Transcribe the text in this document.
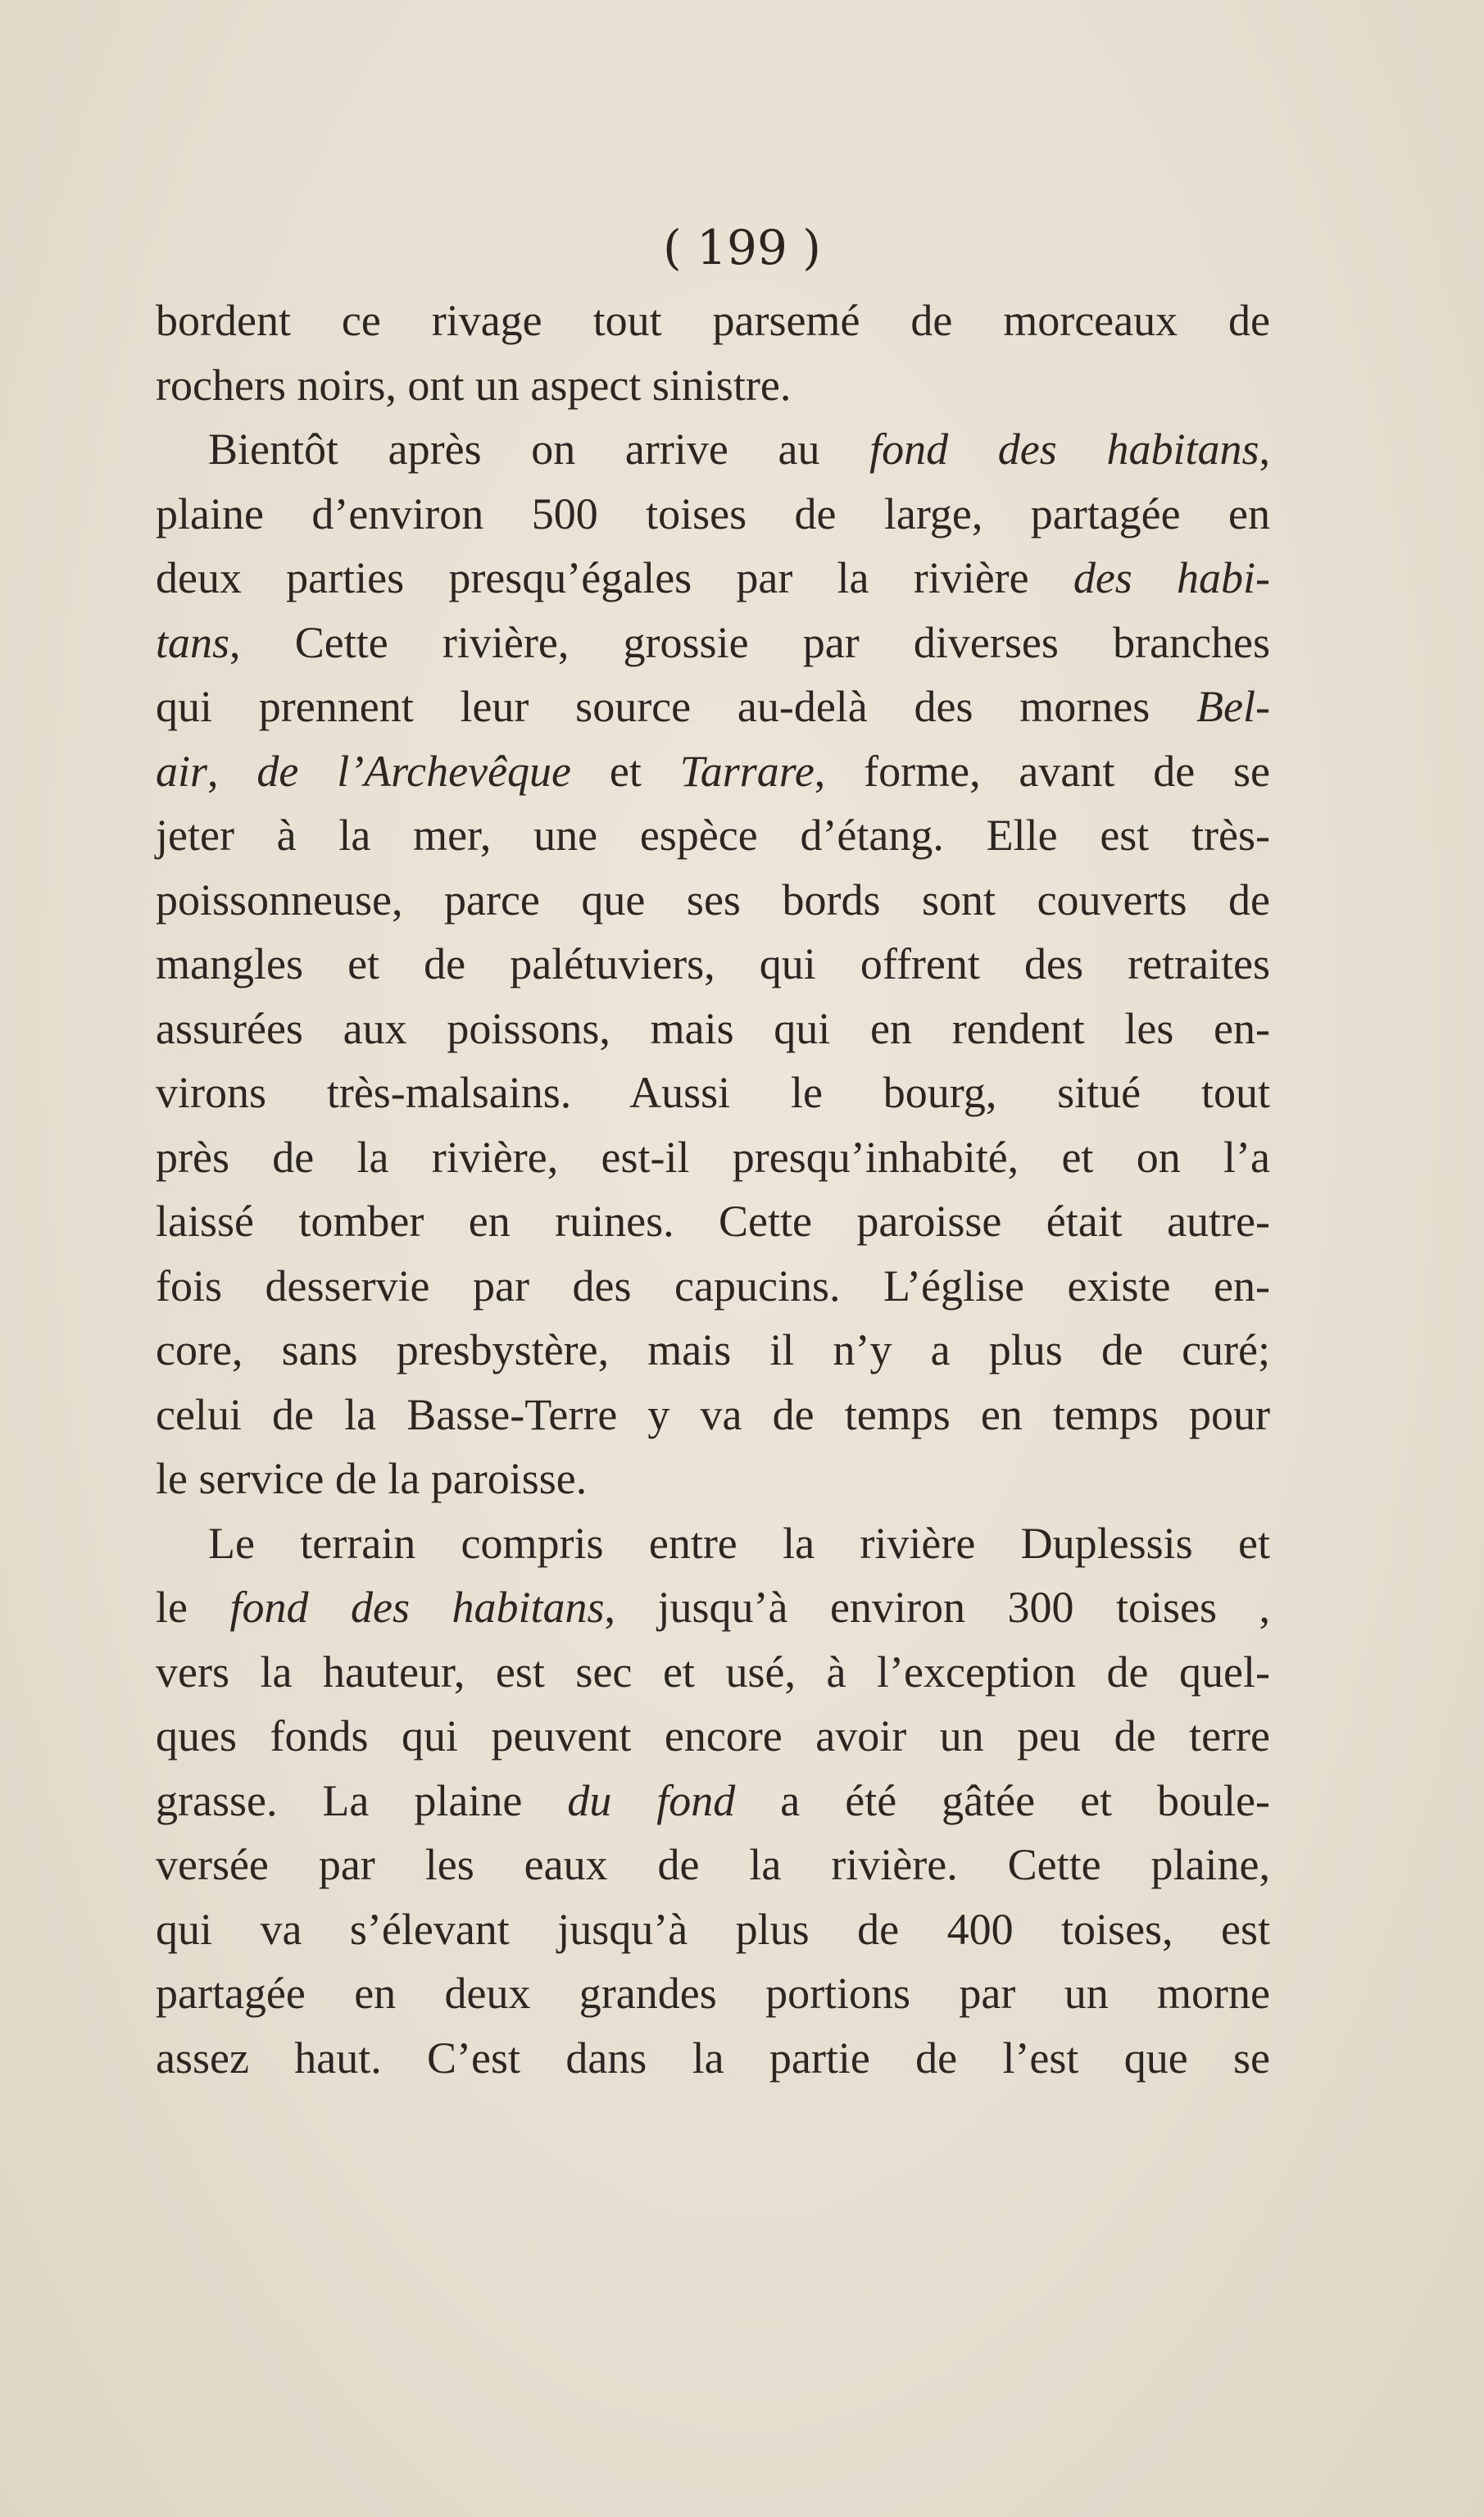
( 199 )
bordent ce rivage tout parsemé de morceaux de
rochers noirs, ont un aspect sinistre.
Bientôt après on arrive au fond des habitans,
plaine d’environ 500 toises de large, partagée en
deux parties presqu’égales par la rivière des habi-
tans, Cette rivière, grossie par diverses branches
qui prennent leur source au-delà des mornes Bel-
air, de l’Archevêque et Tarrare, forme, avant de se
jeter à la mer, une espèce d’étang. Elle est très-
poissonneuse, parce que ses bords sont couverts de
mangles et de palétuviers, qui offrent des retraites
assurées aux poissons, mais qui en rendent les en-
virons très-malsains. Aussi le bourg, situé tout
près de la rivière, est-il presqu’inhabité, et on l’a
laissé tomber en ruines. Cette paroisse était autre-
fois desservie par des capucins. L’église existe en-
core, sans presbystère, mais il n’y a plus de curé;
celui de la Basse-Terre y va de temps en temps pour
le service de la paroisse.
Le terrain compris entre la rivière Duplessis et
le fond des habitans, jusqu’à environ 300 toises ,
vers la hauteur, est sec et usé, à l’exception de quel-
ques fonds qui peuvent encore avoir un peu de terre
grasse. La plaine du fond a été gâtée et boule-
versée par les eaux de la rivière. Cette plaine,
qui va s’élevant jusqu’à plus de 400 toises, est
partagée en deux grandes portions par un morne
assez haut. C’est dans la partie de l’est que se
